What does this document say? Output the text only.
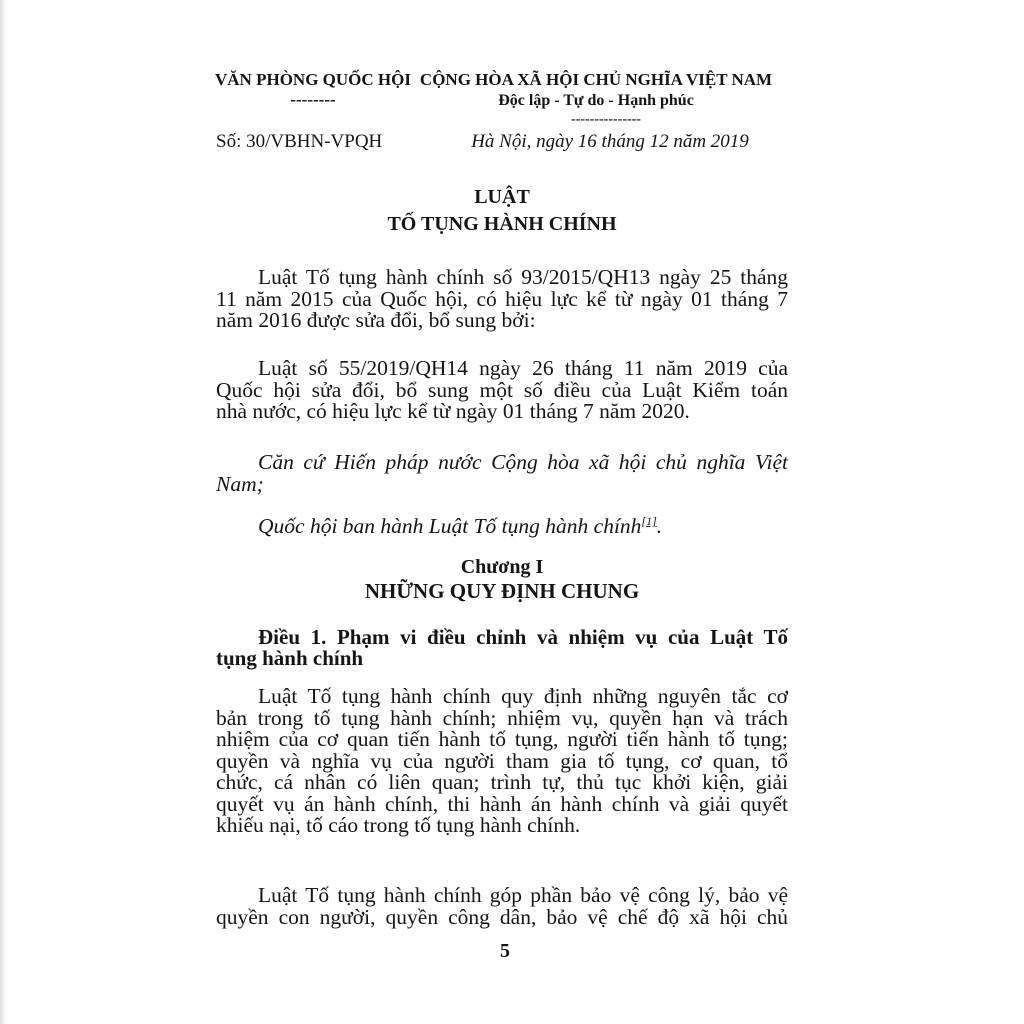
VĂN PHÒNG QUỐC HỘI
--------
Số: 30/VBHN-VPQH
CỘNG HÒA XÃ HỘI CHỦ NGHĨA VIỆT NAM
Độc lập - Tự do - Hạnh phúc
---------------
Hà Nội, ngày 16 tháng 12 năm 2019
LUẬT
TỐ TỤNG HÀNH CHÍNH
Luật Tố tụng hành chính số 93/2015/QH13 ngày 25 tháng
11 năm 2015 của Quốc hội, có hiệu lực kể từ ngày 01 tháng 7
năm 2016 được sửa đổi, bổ sung bởi:
Luật số 55/2019/QH14 ngày 26 tháng 11 năm 2019 của
Quốc hội sửa đổi, bổ sung một số điều của Luật Kiểm toán
nhà nước, có hiệu lực kể từ ngày 01 tháng 7 năm 2020.
Căn cứ Hiến pháp nước Cộng hòa xã hội chủ nghĩa Việt
Nam;
Quốc hội ban hành Luật Tố tụng hành chính[1].
Chương I
NHỮNG QUY ĐỊNH CHUNG
Điều 1. Phạm vi điều chỉnh và nhiệm vụ của Luật Tố
tụng hành chính
Luật Tố tụng hành chính quy định những nguyên tắc cơ
bản trong tố tụng hành chính; nhiệm vụ, quyền hạn và trách
nhiệm của cơ quan tiến hành tố tụng, người tiến hành tố tụng;
quyền và nghĩa vụ của người tham gia tố tụng, cơ quan, tổ
chức, cá nhân có liên quan; trình tự, thủ tục khởi kiện, giải
quyết vụ án hành chính, thi hành án hành chính và giải quyết
khiếu nại, tố cáo trong tố tụng hành chính.
Luật Tố tụng hành chính góp phần bảo vệ công lý, bảo vệ
quyền con người, quyền công dân, bảo vệ chế độ xã hội chủ
5
